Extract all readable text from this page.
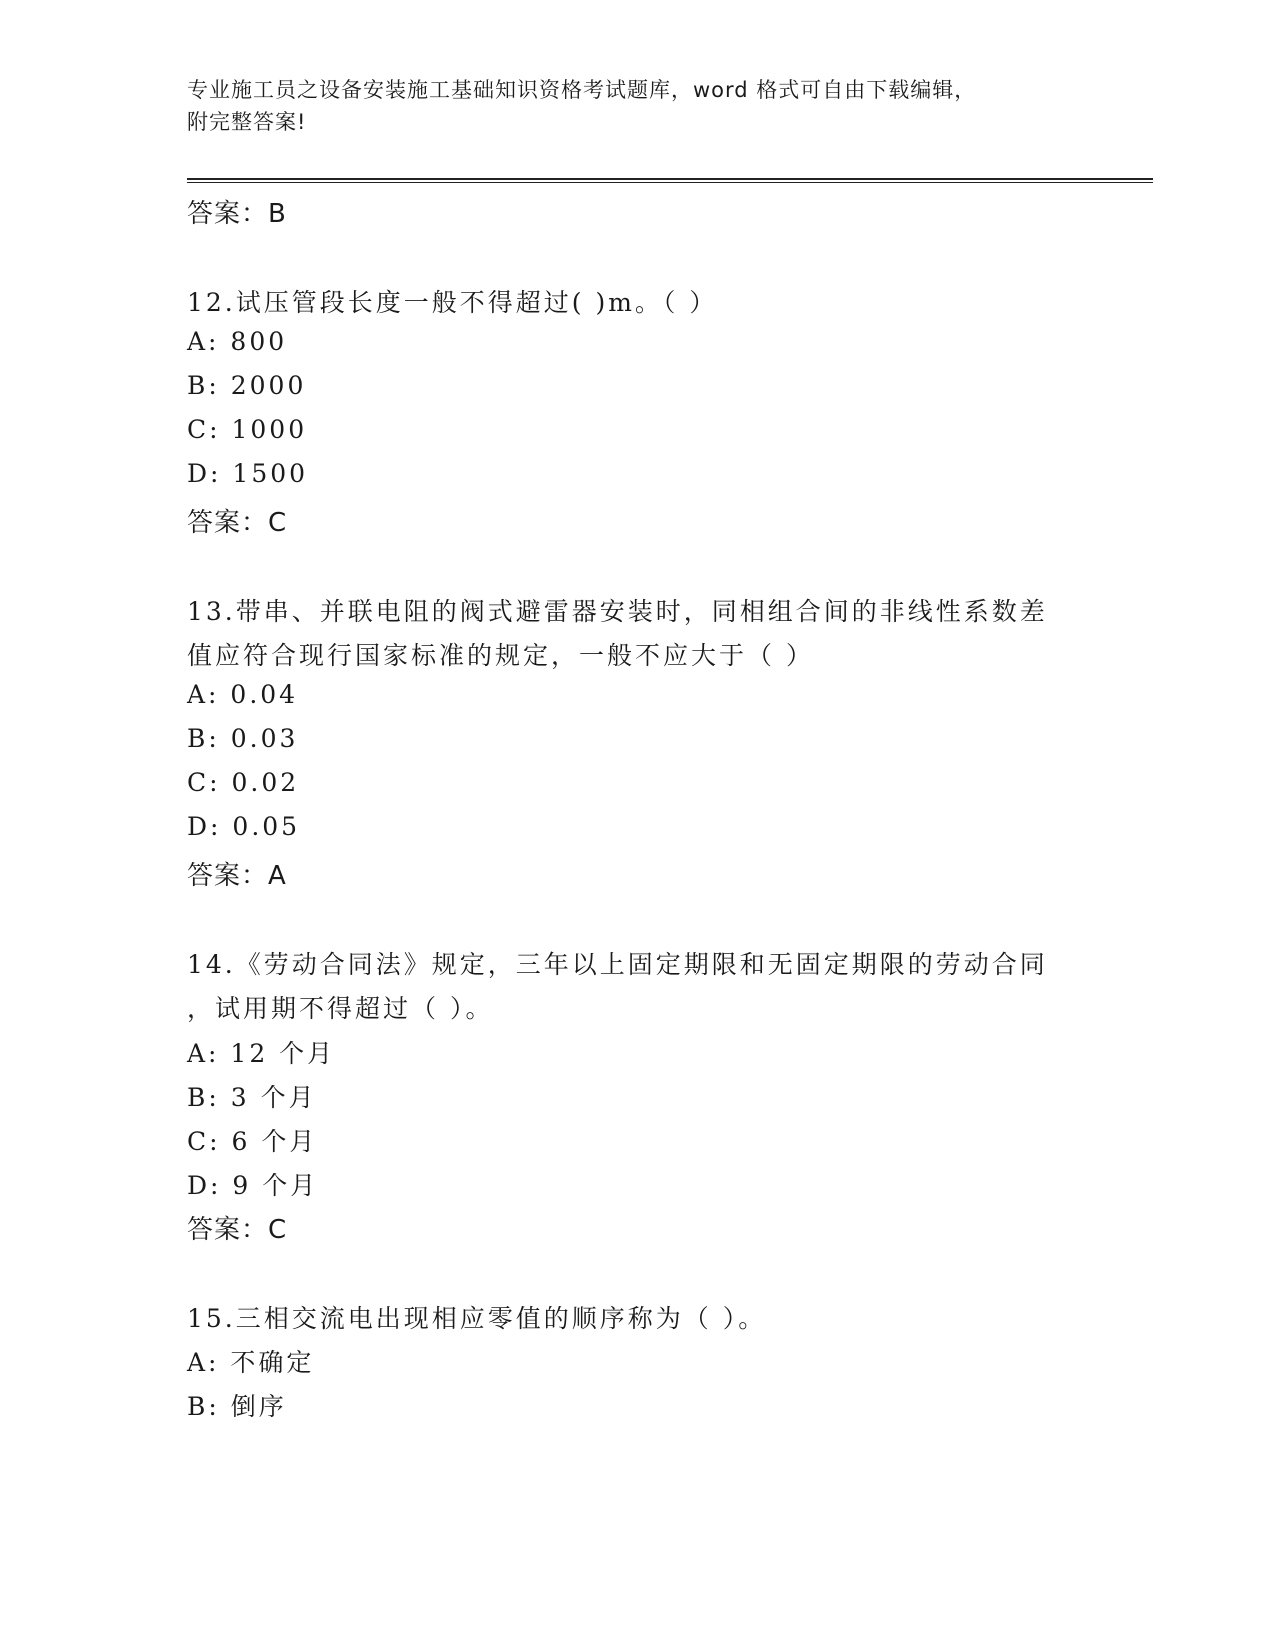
专业施工员之设备安装施工基础知识资格考试题库，word 格式可自由下载编辑，
附完整答案!
答案：B
12.试压管段长度一般不得超过( )m。（ ）
A: 800
B: 2000
C: 1000
D: 1500
答案：C
13.带串、并联电阻的阀式避雷器安装时，同相组合间的非线性系数差
值应符合现行国家标准的规定，一般不应大于（ ）
A: 0.04
B: 0.03
C: 0.02
D: 0.05
答案：A
14.《劳动合同法》规定，三年以上固定期限和无固定期限的劳动合同
，试用期不得超过（ ）。
A: 12 个月
B: 3 个月
C: 6 个月
D: 9 个月
答案：C
15.三相交流电出现相应零值的顺序称为（ ）。
A: 不确定
B: 倒序
